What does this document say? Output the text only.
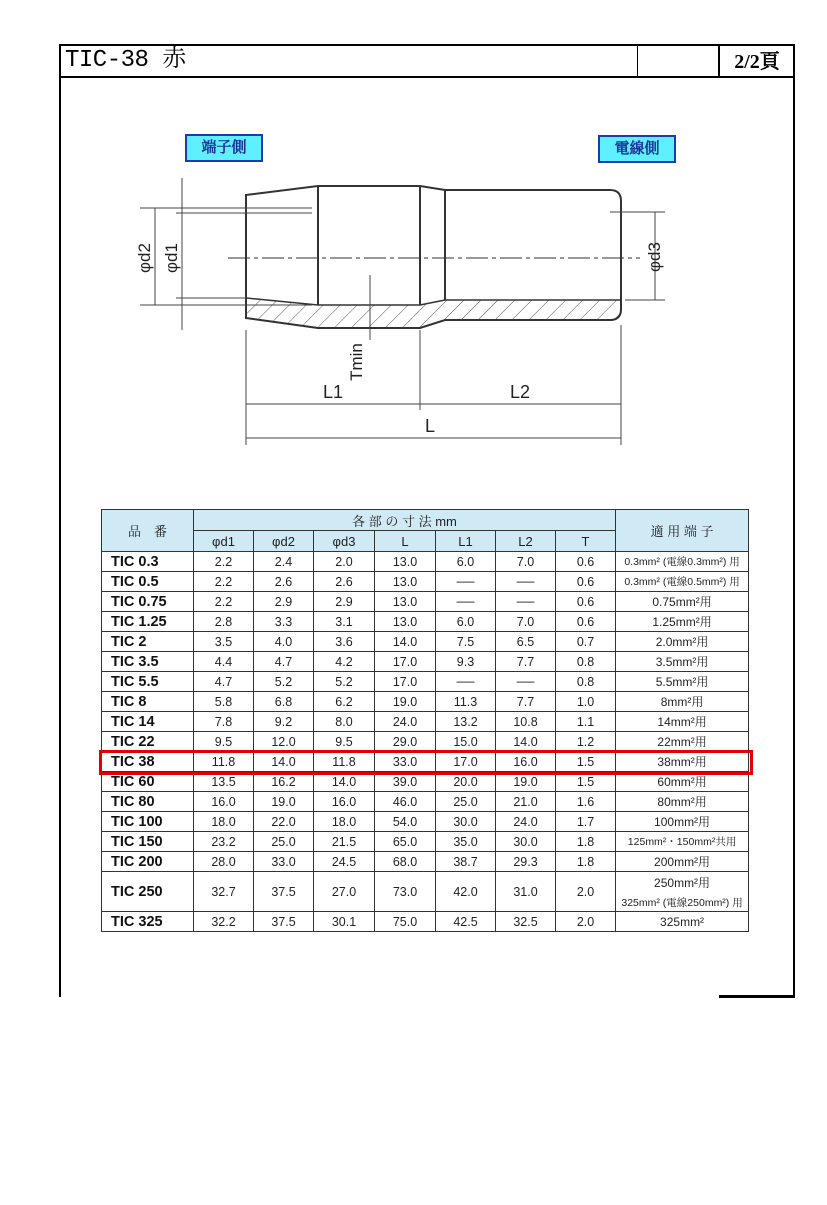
TIC-38 赤	2/2頁
端子側	電線側
φd2 φd1	φd3
Tmin
L1	L2
L
品　番	各 部 の 寸 法 mm							適 用 端 子
	φd1	φd2	φd3	L	L1	L2	T	
TIC 0.3	2.2	2.4	2.0	13.0	6.0	7.0	0.6	0.3mm² (電線0.3mm²) 用
TIC 0.5	2.2	2.6	2.6	13.0	──	──	0.6	0.3mm² (電線0.5mm²) 用
TIC 0.75	2.2	2.9	2.9	13.0	──	──	0.6	0.75mm²用
TIC 1.25	2.8	3.3	3.1	13.0	6.0	7.0	0.6	1.25mm²用
TIC 2	3.5	4.0	3.6	14.0	7.5	6.5	0.7	2.0mm²用
TIC 3.5	4.4	4.7	4.2	17.0	9.3	7.7	0.8	3.5mm²用
TIC 5.5	4.7	5.2	5.2	17.0	──	──	0.8	5.5mm²用
TIC 8	5.8	6.8	6.2	19.0	11.3	7.7	1.0	8mm²用
TIC 14	7.8	9.2	8.0	24.0	13.2	10.8	1.1	14mm²用
TIC 22	9.5	12.0	9.5	29.0	15.0	14.0	1.2	22mm²用
TIC 38	11.8	14.0	11.8	33.0	17.0	16.0	1.5	38mm²用
TIC 60	13.5	16.2	14.0	39.0	20.0	19.0	1.5	60mm²用
TIC 80	16.0	19.0	16.0	46.0	25.0	21.0	1.6	80mm²用
TIC 100	18.0	22.0	18.0	54.0	30.0	24.0	1.7	100mm²用
TIC 150	23.2	25.0	21.5	65.0	35.0	30.0	1.8	125mm²・150mm²共用
TIC 200	28.0	33.0	24.5	68.0	38.7	29.3	1.8	200mm²用
TIC 250	32.7	37.5	27.0	73.0	42.0	31.0	2.0	250mm²用
325mm² (電線250mm²) 用

TIC 325	32.2	37.5	30.1	75.0	42.5	32.5	2.0	325mm²
